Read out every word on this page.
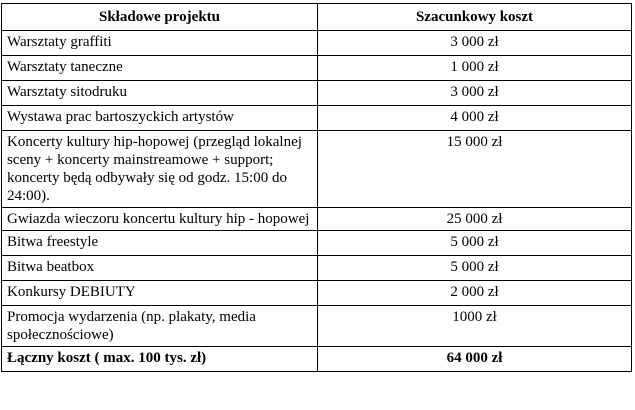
Składowe projektu	Szacunkowy koszt
Warsztaty graffiti	3 000 zł
Warsztaty taneczne	1 000 zł
Warsztaty sitodruku	3 000 zł
Wystawa prac bartoszyckich artystów	4 000 zł
Koncerty kultury hip-hopowej (przegląd lokalnej sceny + koncerty mainstreamowe + support; koncerty będą odbywały się od godz. 15:00 do 24:00).	15 000 zł
Gwiazda wieczoru koncertu kultury hip - hopowej	25 000 zł
Bitwa freestyle	5 000 zł
Bitwa beatbox	5 000 zł
Konkursy DEBIUTY	2 000 zł
Promocja wydarzenia (np. plakaty, media społecznościowe)	1000 zł
Łączny koszt ( max. 100 tys. zł)	64 000 zł
